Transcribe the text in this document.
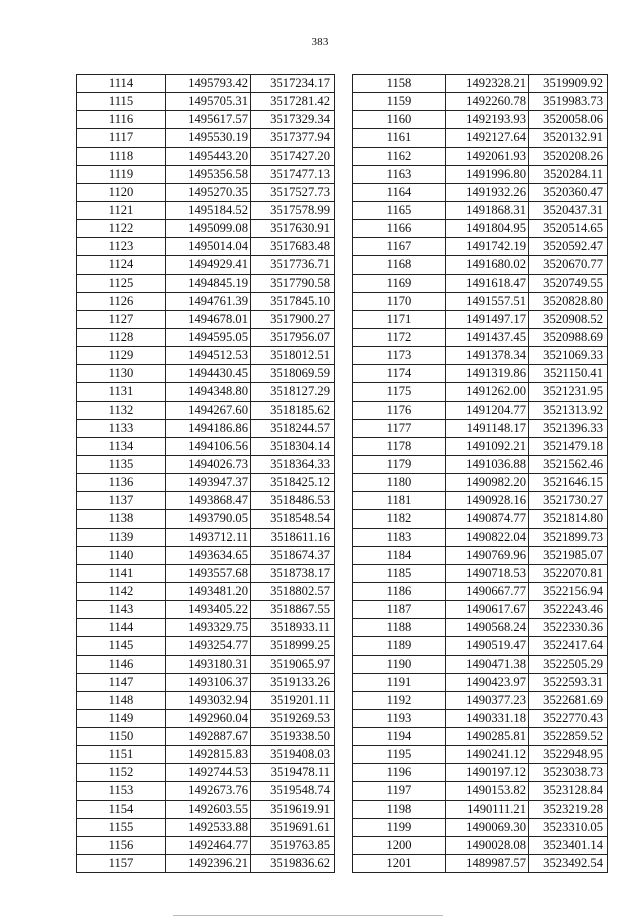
383
1114	1495793.42	3517234.17
1115	1495705.31	3517281.42
1116	1495617.57	3517329.34
1117	1495530.19	3517377.94
1118	1495443.20	3517427.20
1119	1495356.58	3517477.13
1120	1495270.35	3517527.73
1121	1495184.52	3517578.99
1122	1495099.08	3517630.91
1123	1495014.04	3517683.48
1124	1494929.41	3517736.71
1125	1494845.19	3517790.58
1126	1494761.39	3517845.10
1127	1494678.01	3517900.27
1128	1494595.05	3517956.07
1129	1494512.53	3518012.51
1130	1494430.45	3518069.59
1131	1494348.80	3518127.29
1132	1494267.60	3518185.62
1133	1494186.86	3518244.57
1134	1494106.56	3518304.14
1135	1494026.73	3518364.33
1136	1493947.37	3518425.12
1137	1493868.47	3518486.53
1138	1493790.05	3518548.54
1139	1493712.11	3518611.16
1140	1493634.65	3518674.37
1141	1493557.68	3518738.17
1142	1493481.20	3518802.57
1143	1493405.22	3518867.55
1144	1493329.75	3518933.11
1145	1493254.77	3518999.25
1146	1493180.31	3519065.97
1147	1493106.37	3519133.26
1148	1493032.94	3519201.11
1149	1492960.04	3519269.53
1150	1492887.67	3519338.50
1151	1492815.83	3519408.03
1152	1492744.53	3519478.11
1153	1492673.76	3519548.74
1154	1492603.55	3519619.91
1155	1492533.88	3519691.61
1156	1492464.77	3519763.85
1157	1492396.21	3519836.62
1158	1492328.21	3519909.92
1159	1492260.78	3519983.73
1160	1492193.93	3520058.06
1161	1492127.64	3520132.91
1162	1492061.93	3520208.26
1163	1491996.80	3520284.11
1164	1491932.26	3520360.47
1165	1491868.31	3520437.31
1166	1491804.95	3520514.65
1167	1491742.19	3520592.47
1168	1491680.02	3520670.77
1169	1491618.47	3520749.55
1170	1491557.51	3520828.80
1171	1491497.17	3520908.52
1172	1491437.45	3520988.69
1173	1491378.34	3521069.33
1174	1491319.86	3521150.41
1175	1491262.00	3521231.95
1176	1491204.77	3521313.92
1177	1491148.17	3521396.33
1178	1491092.21	3521479.18
1179	1491036.88	3521562.46
1180	1490982.20	3521646.15
1181	1490928.16	3521730.27
1182	1490874.77	3521814.80
1183	1490822.04	3521899.73
1184	1490769.96	3521985.07
1185	1490718.53	3522070.81
1186	1490667.77	3522156.94
1187	1490617.67	3522243.46
1188	1490568.24	3522330.36
1189	1490519.47	3522417.64
1190	1490471.38	3522505.29
1191	1490423.97	3522593.31
1192	1490377.23	3522681.69
1193	1490331.18	3522770.43
1194	1490285.81	3522859.52
1195	1490241.12	3522948.95
1196	1490197.12	3523038.73
1197	1490153.82	3523128.84
1198	1490111.21	3523219.28
1199	1490069.30	3523310.05
1200	1490028.08	3523401.14
1201	1489987.57	3523492.54
